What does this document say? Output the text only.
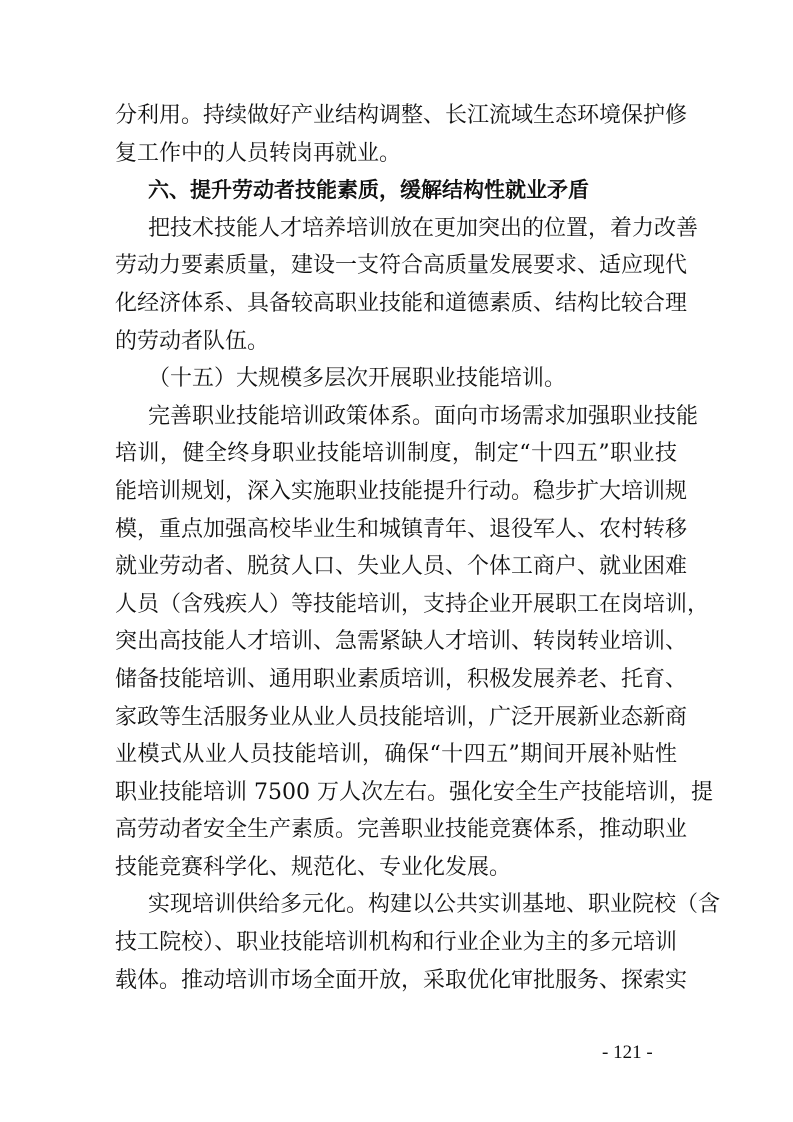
分利用。持续做好产业结构调整、长江流域生态环境保护修
复工作中的人员转岗再就业。
六、提升劳动者技能素质，缓解结构性就业矛盾
把技术技能人才培养培训放在更加突出的位置，着力改善
劳动力要素质量，建设一支符合高质量发展要求、适应现代
化经济体系、具备较高职业技能和道德素质、结构比较合理
的劳动者队伍。
（十五）大规模多层次开展职业技能培训。
完善职业技能培训政策体系。面向市场需求加强职业技能
培训，健全终身职业技能培训制度，制定“十四五”职业技
能培训规划，深入实施职业技能提升行动。稳步扩大培训规
模，重点加强高校毕业生和城镇青年、退役军人、农村转移
就业劳动者、脱贫人口、失业人员、个体工商户、就业困难
人员（含残疾人）等技能培训，支持企业开展职工在岗培训，
突出高技能人才培训、急需紧缺人才培训、转岗转业培训、
储备技能培训、通用职业素质培训，积极发展养老、托育、
家政等生活服务业从业人员技能培训，广泛开展新业态新商
业模式从业人员技能培训，确保“十四五”期间开展补贴性
职业技能培训 7500 万人次左右。强化安全生产技能培训，提
高劳动者安全生产素质。完善职业技能竞赛体系，推动职业
技能竞赛科学化、规范化、专业化发展。
实现培训供给多元化。构建以公共实训基地、职业院校（含
技工院校）、职业技能培训机构和行业企业为主的多元培训
载体。推动培训市场全面开放，采取优化审批服务、探索实
- 121 -
